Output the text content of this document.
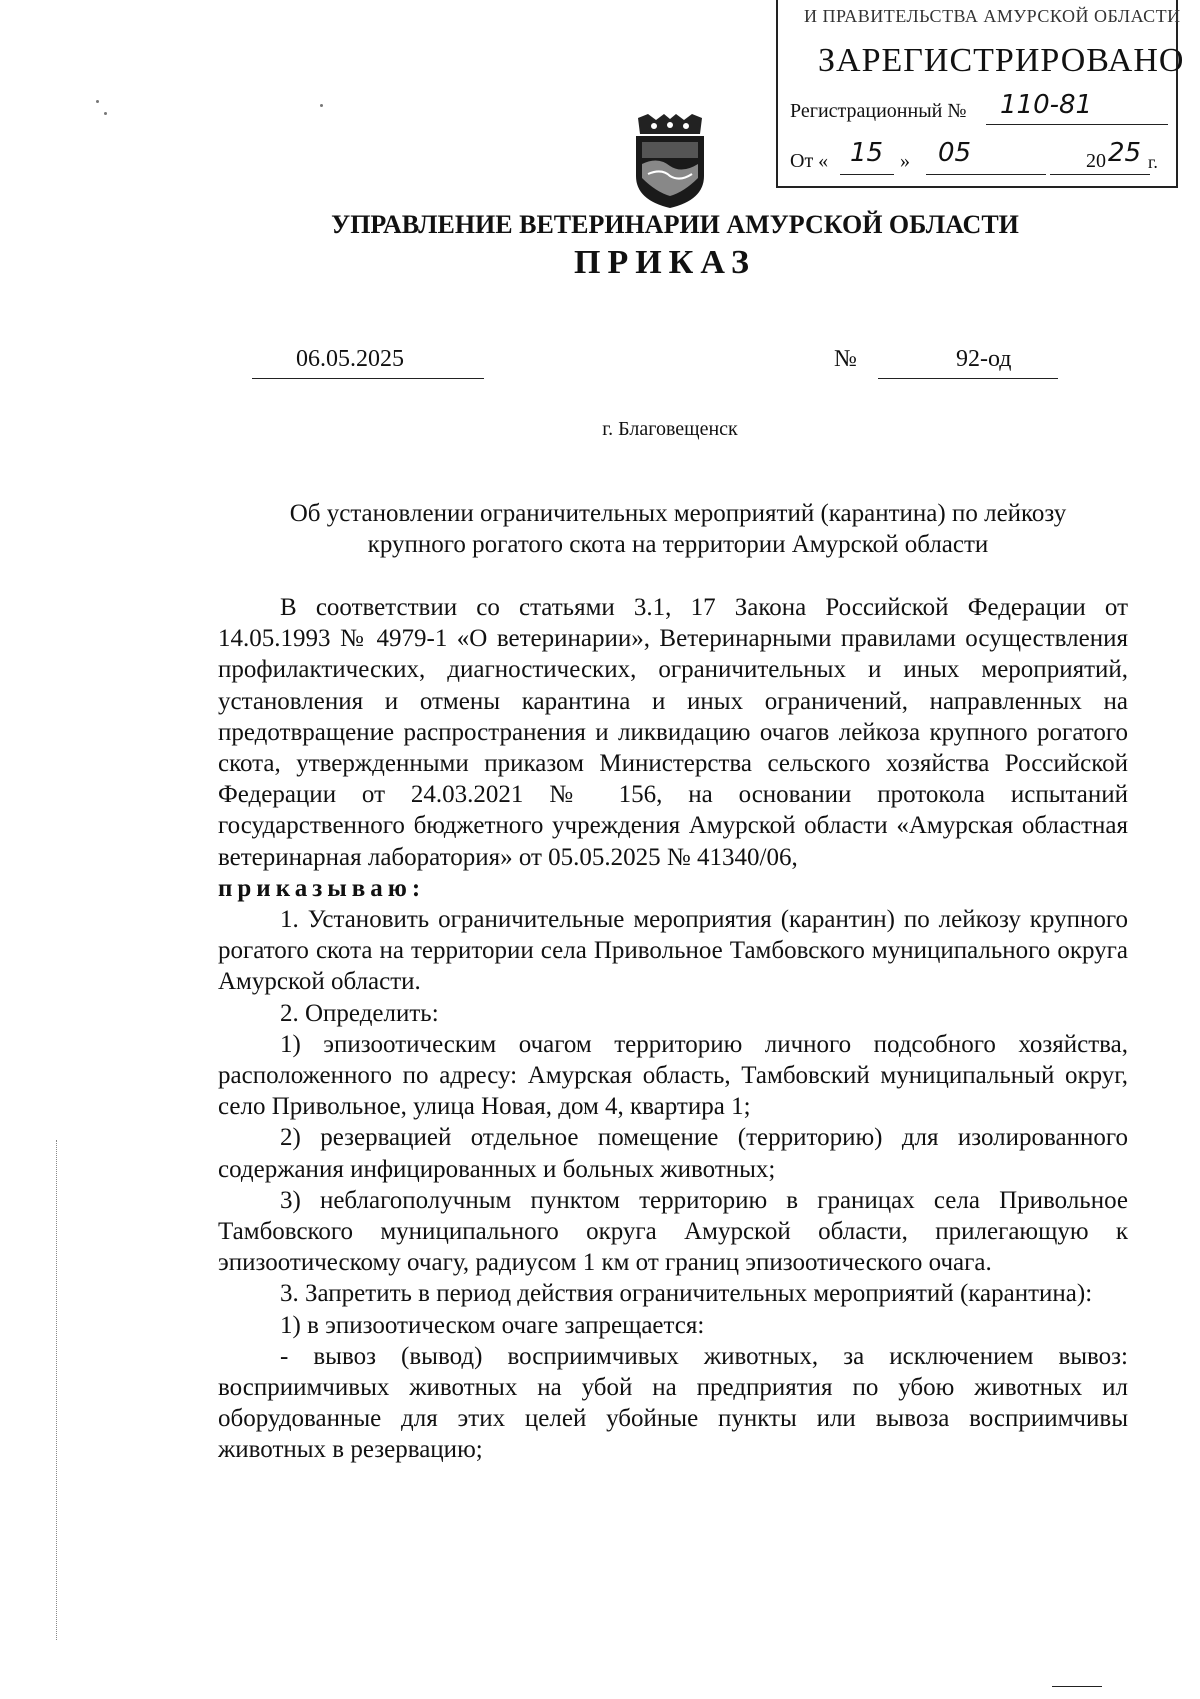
И ПРАВИТЕЛЬСТВА АМУРСКОЙ ОБЛАСТИ
ЗАРЕГИСТРИРОВАНО
Регистрационный № 110-81
От « 15 » 05	20 25 г.
УПРАВЛЕНИЕ ВЕТЕРИНАРИИ АМУРСКОЙ ОБЛАСТИ
ПРИКАЗ
06.05.2025	№	92-од
г. Благовещенск
Об установлении ограничительных мероприятий (карантина) по лейкозу крупного рогатого скота на территории Амурской области

В соответствии со статьями 3.1, 17 Закона Российской Федерации от 14.05.1993 № 4979-1 «О ветеринарии», Ветеринарными правилами осуществления профилактических, диагностических, ограничительных и иных мероприятий, установления и отмены карантина и иных ограничений, направленных на предотвращение распространения и ликвидацию очагов лейкоза крупного рогатого скота, утвержденными приказом Министерства сельского хозяйства Российской Федерации от 24.03.2021 № 156, на основании протокола испытаний государственного бюджетного учреждения Амурской области «Амурская областная ветеринарная лаборатория» от 05.05.2025 № 41340/06,

приказываю:

1. Установить ограничительные мероприятия (карантин) по лейкозу крупного рогатого скота на территории села Привольное Тамбовского муниципального округа Амурской области.

2. Определить:

1) эпизоотическим очагом территорию личного подсобного хозяйства, расположенного по адресу: Амурская область, Тамбовский муниципальный округ, село Привольное, улица Новая, дом 4, квартира 1;

2) резервацией отдельное помещение (территорию) для изолированного содержания инфицированных и больных животных;

3) неблагополучным пунктом территорию в границах села Привольное Тамбовского муниципального округа Амурской области, прилегающую к эпизоотическому очагу, радиусом 1 км от границ эпизоотического очага.

3. Запретить в период действия ограничительных мероприятий (карантина):

1) в эпизоотическом очаге запрещается:

- вывоз (вывод) восприимчивых животных, за исключением вывоз: восприимчивых животных на убой на предприятия по убою животных ил оборудованные для этих целей убойные пункты или вывоза восприимчивы животных в резервацию;
